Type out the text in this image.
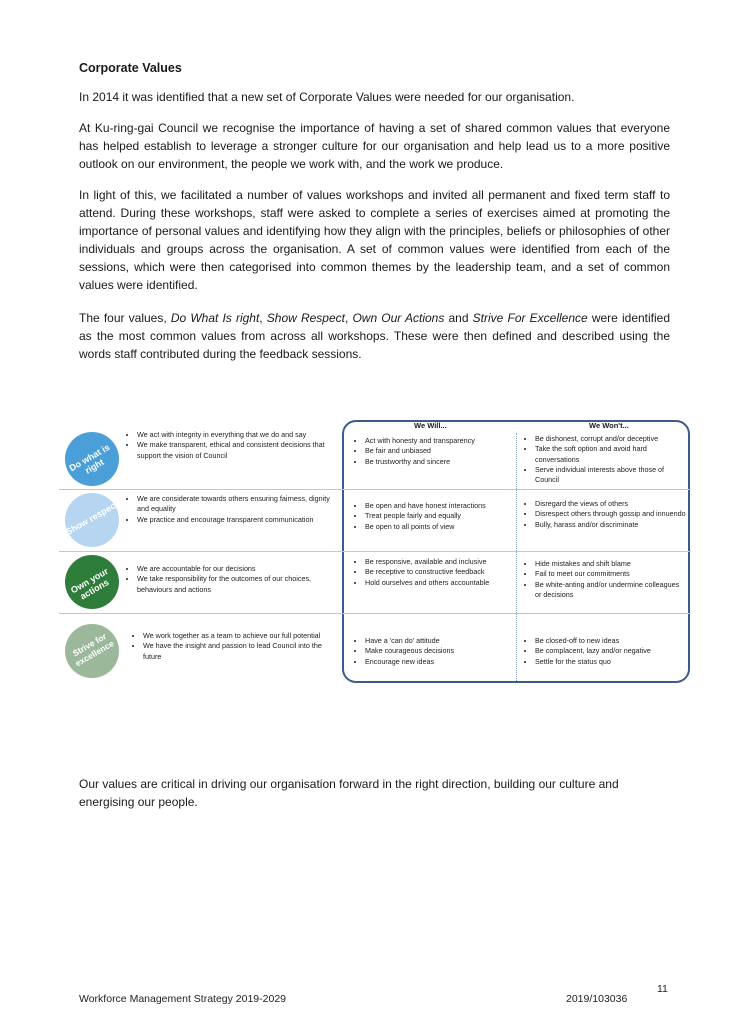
Corporate Values

In 2014 it was identified that a new set of Corporate Values were needed for our organisation.

At Ku-ring-gai Council we recognise the importance of having a set of shared common values that everyone has helped establish to leverage a stronger culture for our organisation and help lead us to a more positive outlook on our environment, the people we work with, and the work we produce.

In light of this, we facilitated a number of values workshops and invited all permanent and fixed term staff to attend. During these workshops, staff were asked to complete a series of exercises aimed at promoting the importance of personal values and identifying how they align with the principles, beliefs or philosophies of other individuals and groups across the organisation. A set of common values were identified from each of the sessions, which were then categorised into common themes by the leadership team, and a set of common values were identified.

The four values, Do What Is right, Show Respect, Own Our Actions and Strive For Excellence were identified as the most common values from across all workshops. These were then defined and described using the words staff contributed during the feedback sessions.

We Will...	We Won't...
Do what is right
• We act with integrity in everything that we do and say
• We make transparent, ethical and consistent decisions that support the vision of Council
• Act with honesty and transparency
• Be fair and unbiased
• Be trustworthy and sincere
• Be dishonest, corrupt and/or deceptive
• Take the soft option and avoid hard conversations
• Serve individual interests above those of Council
Show respect
• We are considerate towards others ensuring fairness, dignity and equality
• We practice and encourage transparent communication
• Be open and have honest interactions
• Treat people fairly and equally
• Be open to all points of view
• Disregard the views of others
• Disrespect others through gossip and innuendo
• Bully, harass and/or discriminate
Own your actions
• We are accountable for our decisions
• We take responsibility for the outcomes of our choices, behaviours and actions
• Be responsive, available and inclusive
• Be receptive to constructive feedback
• Hold ourselves and others accountable
• Hide mistakes and shift blame
• Fail to meet our commitments
• Be white-anting and/or undermine colleagues or decisions
Strive for excellence
• We work together as a team to achieve our full potential
• We have the insight and passion to lead Council into the future
• Have a 'can do' attitude
• Make courageous decisions
• Encourage new ideas
• Be closed-off to new ideas
• Be complacent, lazy and/or negative
• Settle for the status quo

Our values are critical in driving our organisation forward in the right direction, building our culture and energising our people.

11
Workforce Management Strategy 2019-2029	2019/103036
